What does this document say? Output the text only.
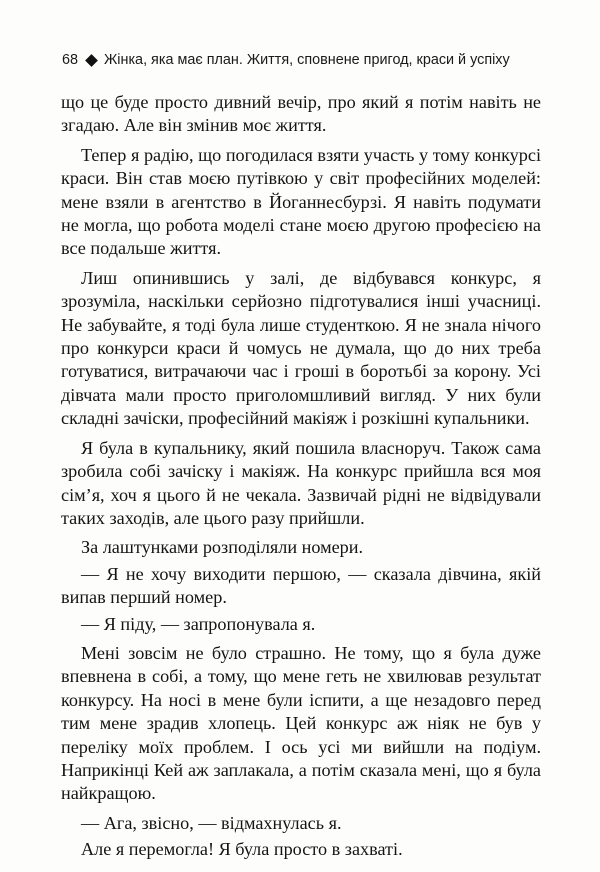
68 Жінка, яка має план. Життя, сповнене пригод, краси й успіху

що це буде просто дивний вечір, про який я потім навіть не згадаю. Але він змінив моє життя.

Тепер я радію, що погодилася взяти участь у тому конкурсі краси. Він став моєю путівкою у світ професійних моделей: мене взяли в агентство в Йоганнесбурзі. Я навіть подумати не могла, що робота моделі стане моєю другою професією на все подальше життя.

Лиш опинившись у залі, де відбувався конкурс, я зрозуміла, наскільки серйозно підготувалися інші учасниці. Не забувайте, я тоді була лише студенткою. Я не знала нічого про конкурси краси й чомусь не думала, що до них треба готуватися, витрачаючи час і гроші в боротьбі за корону. Усі дівчата мали просто приголомшливий вигляд. У них були складні зачіски, професійний макіяж і розкішні купальники.

Я була в купальнику, який пошила власноруч. Також сама зробила собі зачіску і макіяж. На конкурс прийшла вся моя сім’я, хоч я цього й не чекала. Зазвичай рідні не відвідували таких заходів, але цього разу прийшли.

За лаштунками розподіляли номери.

— Я не хочу виходити першою, — сказала дівчина, якій випав перший номер.

— Я піду, — запропонувала я.

Мені зовсім не було страшно. Не тому, що я була дуже впевнена в собі, а тому, що мене геть не хвилював результат конкурсу. На носі в мене були іспити, а ще незадовго перед тим мене зрадив хлопець. Цей конкурс аж ніяк не був у переліку моїх проблем. І ось усі ми вийшли на подіум. Наприкінці Кей аж заплакала, а потім сказала мені, що я була найкращою.

— Ага, звісно, — відмахнулась я.

Але я перемогла! Я була просто в захваті.
